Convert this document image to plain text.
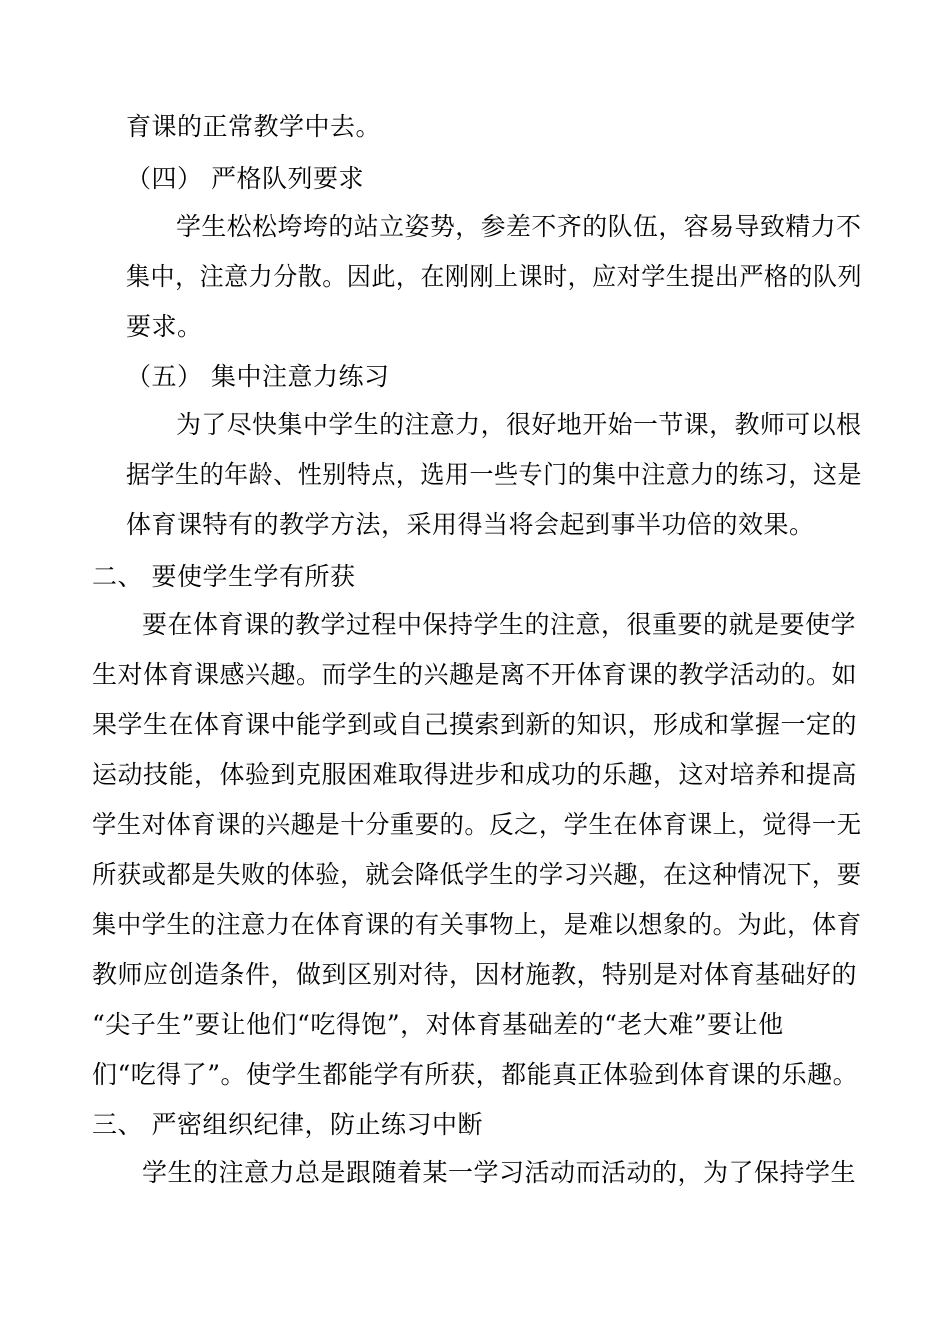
育课的正常教学中去。
（四） 严格队列要求
学生松松垮垮的站立姿势，参差不齐的队伍，容易导致精力不
集中，注意力分散。因此，在刚刚上课时，应对学生提出严格的队列
要求。
（五） 集中注意力练习
为了尽快集中学生的注意力，很好地开始一节课，教师可以根
据学生的年龄、性别特点，选用一些专门的集中注意力的练习，这是
体育课特有的教学方法，采用得当将会起到事半功倍的效果。
二、 要使学生学有所获
要在体育课的教学过程中保持学生的注意，很重要的就是要使学
生对体育课感兴趣。而学生的兴趣是离不开体育课的教学活动的。如
果学生在体育课中能学到或自己摸索到新的知识，形成和掌握一定的
运动技能，体验到克服困难取得进步和成功的乐趣，这对培养和提高
学生对体育课的兴趣是十分重要的。反之，学生在体育课上，觉得一无
所获或都是失败的体验，就会降低学生的学习兴趣，在这种情况下，要
集中学生的注意力在体育课的有关事物上，是难以想象的。为此，体育
教师应创造条件，做到区别对待，因材施教，特别是对体育基础好的
“尖子生”要让他们“吃得饱”，对体育基础差的“老大难”要让他
们“吃得了”。使学生都能学有所获，都能真正体验到体育课的乐趣。
三、 严密组织纪律，防止练习中断
学生的注意力总是跟随着某一学习活动而活动的，为了保持学生
